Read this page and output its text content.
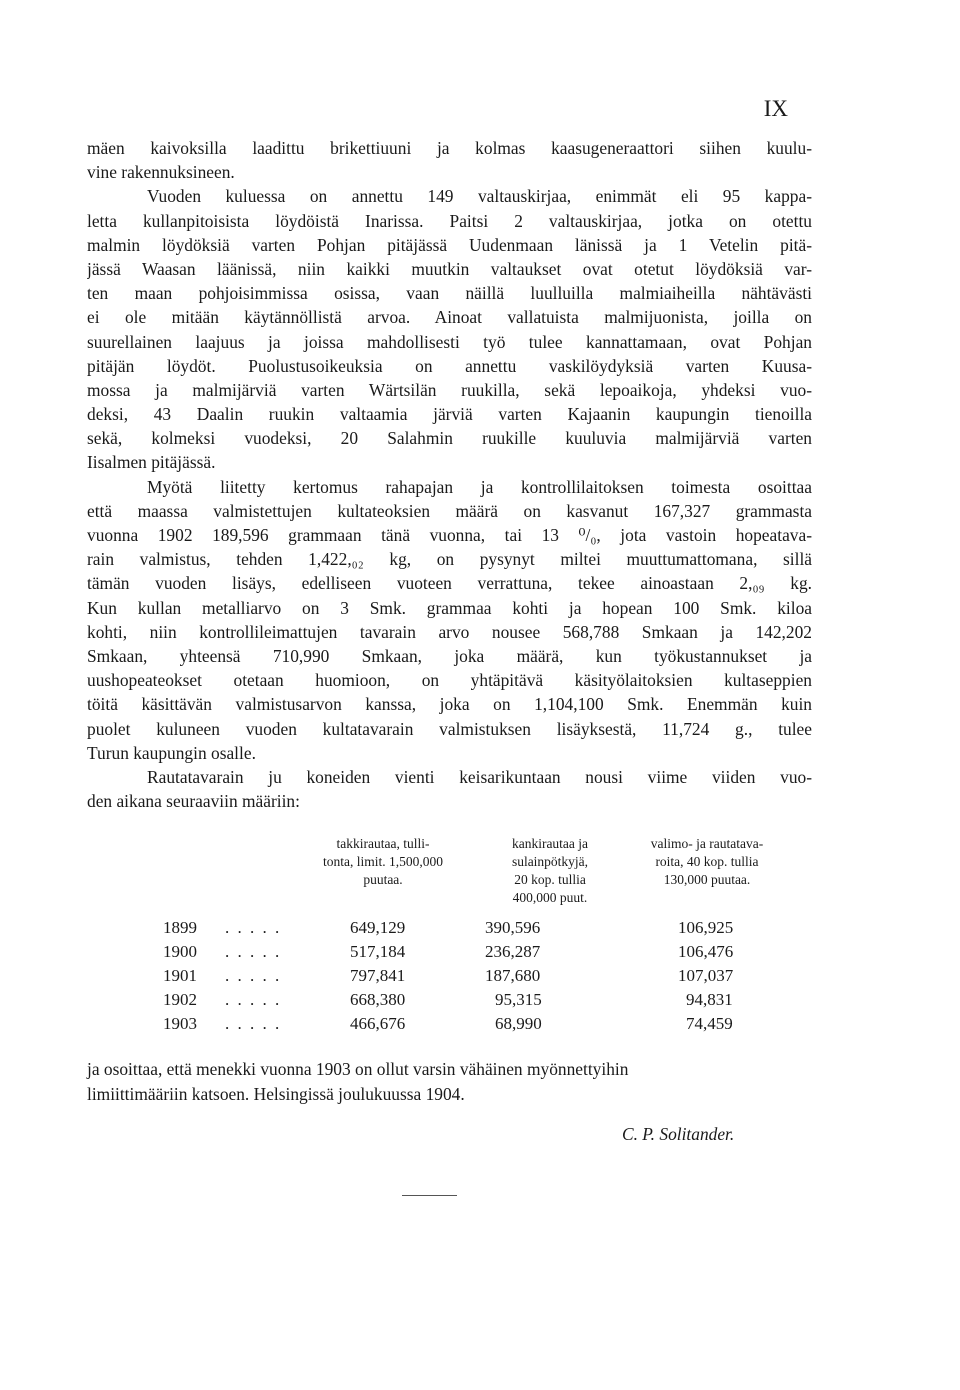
IX
mäen kaivoksilla laadittu brikettiuuni ja kolmas kaasugeneraattori siihen kuulu-
vine rakennuksineen.
Vuoden kuluessa on annettu 149 valtauskirjaa, enimmät eli 95 kappa-
letta kullanpitoisista löydöistä Inarissa. Paitsi 2 valtauskirjaa, jotka on otettu
malmin löydöksiä varten Pohjan pitäjässä Uudenmaan länissä ja 1 Vetelin pitä-
jässä Waasan läänissä, niin kaikki muutkin valtaukset ovat otetut löydöksiä var-
ten maan pohjoisimmissa osissa, vaan näillä luulluilla malmiaiheilla nähtävästi
ei ole mitään käytännöllistä arvoa. Ainoat vallatuista malmijuonista, joilla on
suurellainen laajuus ja joissa mahdollisesti työ tulee kannattamaan, ovat Pohjan
pitäjän löydöt. Puolustusoikeuksia on annettu vaskilöydyksiä varten Kuusa-
mossa ja malmijärviä varten Wärtsilän ruukilla, sekä lepoaikoja, yhdeksi vuo-
deksi, 43 Daalin ruukin valtaamia järviä varten Kajaanin kaupungin tienoilla
sekä, kolmeksi vuodeksi, 20 Salahmin ruukille kuuluvia malmijärviä varten
Iisalmen pitäjässä.
Myötä liitetty kertomus rahapajan ja kontrollilaitoksen toimesta osoittaa
että maassa valmistettujen kultateoksien määrä on kasvanut 167,327 grammasta
vuonna 1902 189,596 grammaan tänä vuonna, tai 13 ⁰/₀, jota vastoin hopeatava-
rain valmistus, tehden 1,422,₀₂ kg, on pysynyt miltei muuttumattomana, sillä
tämän vuoden lisäys, edelliseen vuoteen verrattuna, tekee ainoastaan 2,₀₉ kg.
Kun kullan metalliarvo on 3 Smk. grammaa kohti ja hopean 100 Smk. kiloa
kohti, niin kontrollileimattujen tavarain arvo nousee 568,788 Smkaan ja 142,202
Smkaan, yhteensä 710,990 Smkaan, joka määrä, kun työkustannukset ja
uushopeateokset otetaan huomioon, on yhtäpitävä käsityölaitoksien kultaseppien
töitä käsittävän valmistusarvon kanssa, joka on 1,104,100 Smk. Enemmän kuin
puolet kuluneen vuoden kultatavarain valmistuksen lisäyksestä, 11,724 g., tulee
Turun kaupungin osalle.
Rautatavarain ju koneiden vienti keisarikuntaan nousi viime viiden vuo-
den aikana seuraaviin määriin:
takkirautaa, tulli-
tonta, limit. 1,500,000
puutaa.
kankirautaa ja
sulainpötkyjä,
20 kop. tullia
400,000 puut.
valimo- ja rautatava-
roita, 40 kop. tullia
130,000 puutaa.
1899 . . . . .	649,129	390,596	106,925
1900 . . . . .	517,184	236,287	106,476
1901 . . . . .	797,841	187,680	107,037
1902 . . . . .	668,380	95,315	94,831
1903 . . . . .	466,676	68,990	74,459
ja osoittaa, että menekki vuonna 1903 on ollut varsin vähäinen myönnettyihin
limiittimääriin katsoen. Helsingissä joulukuussa 1904.
C. P. Solitander.
